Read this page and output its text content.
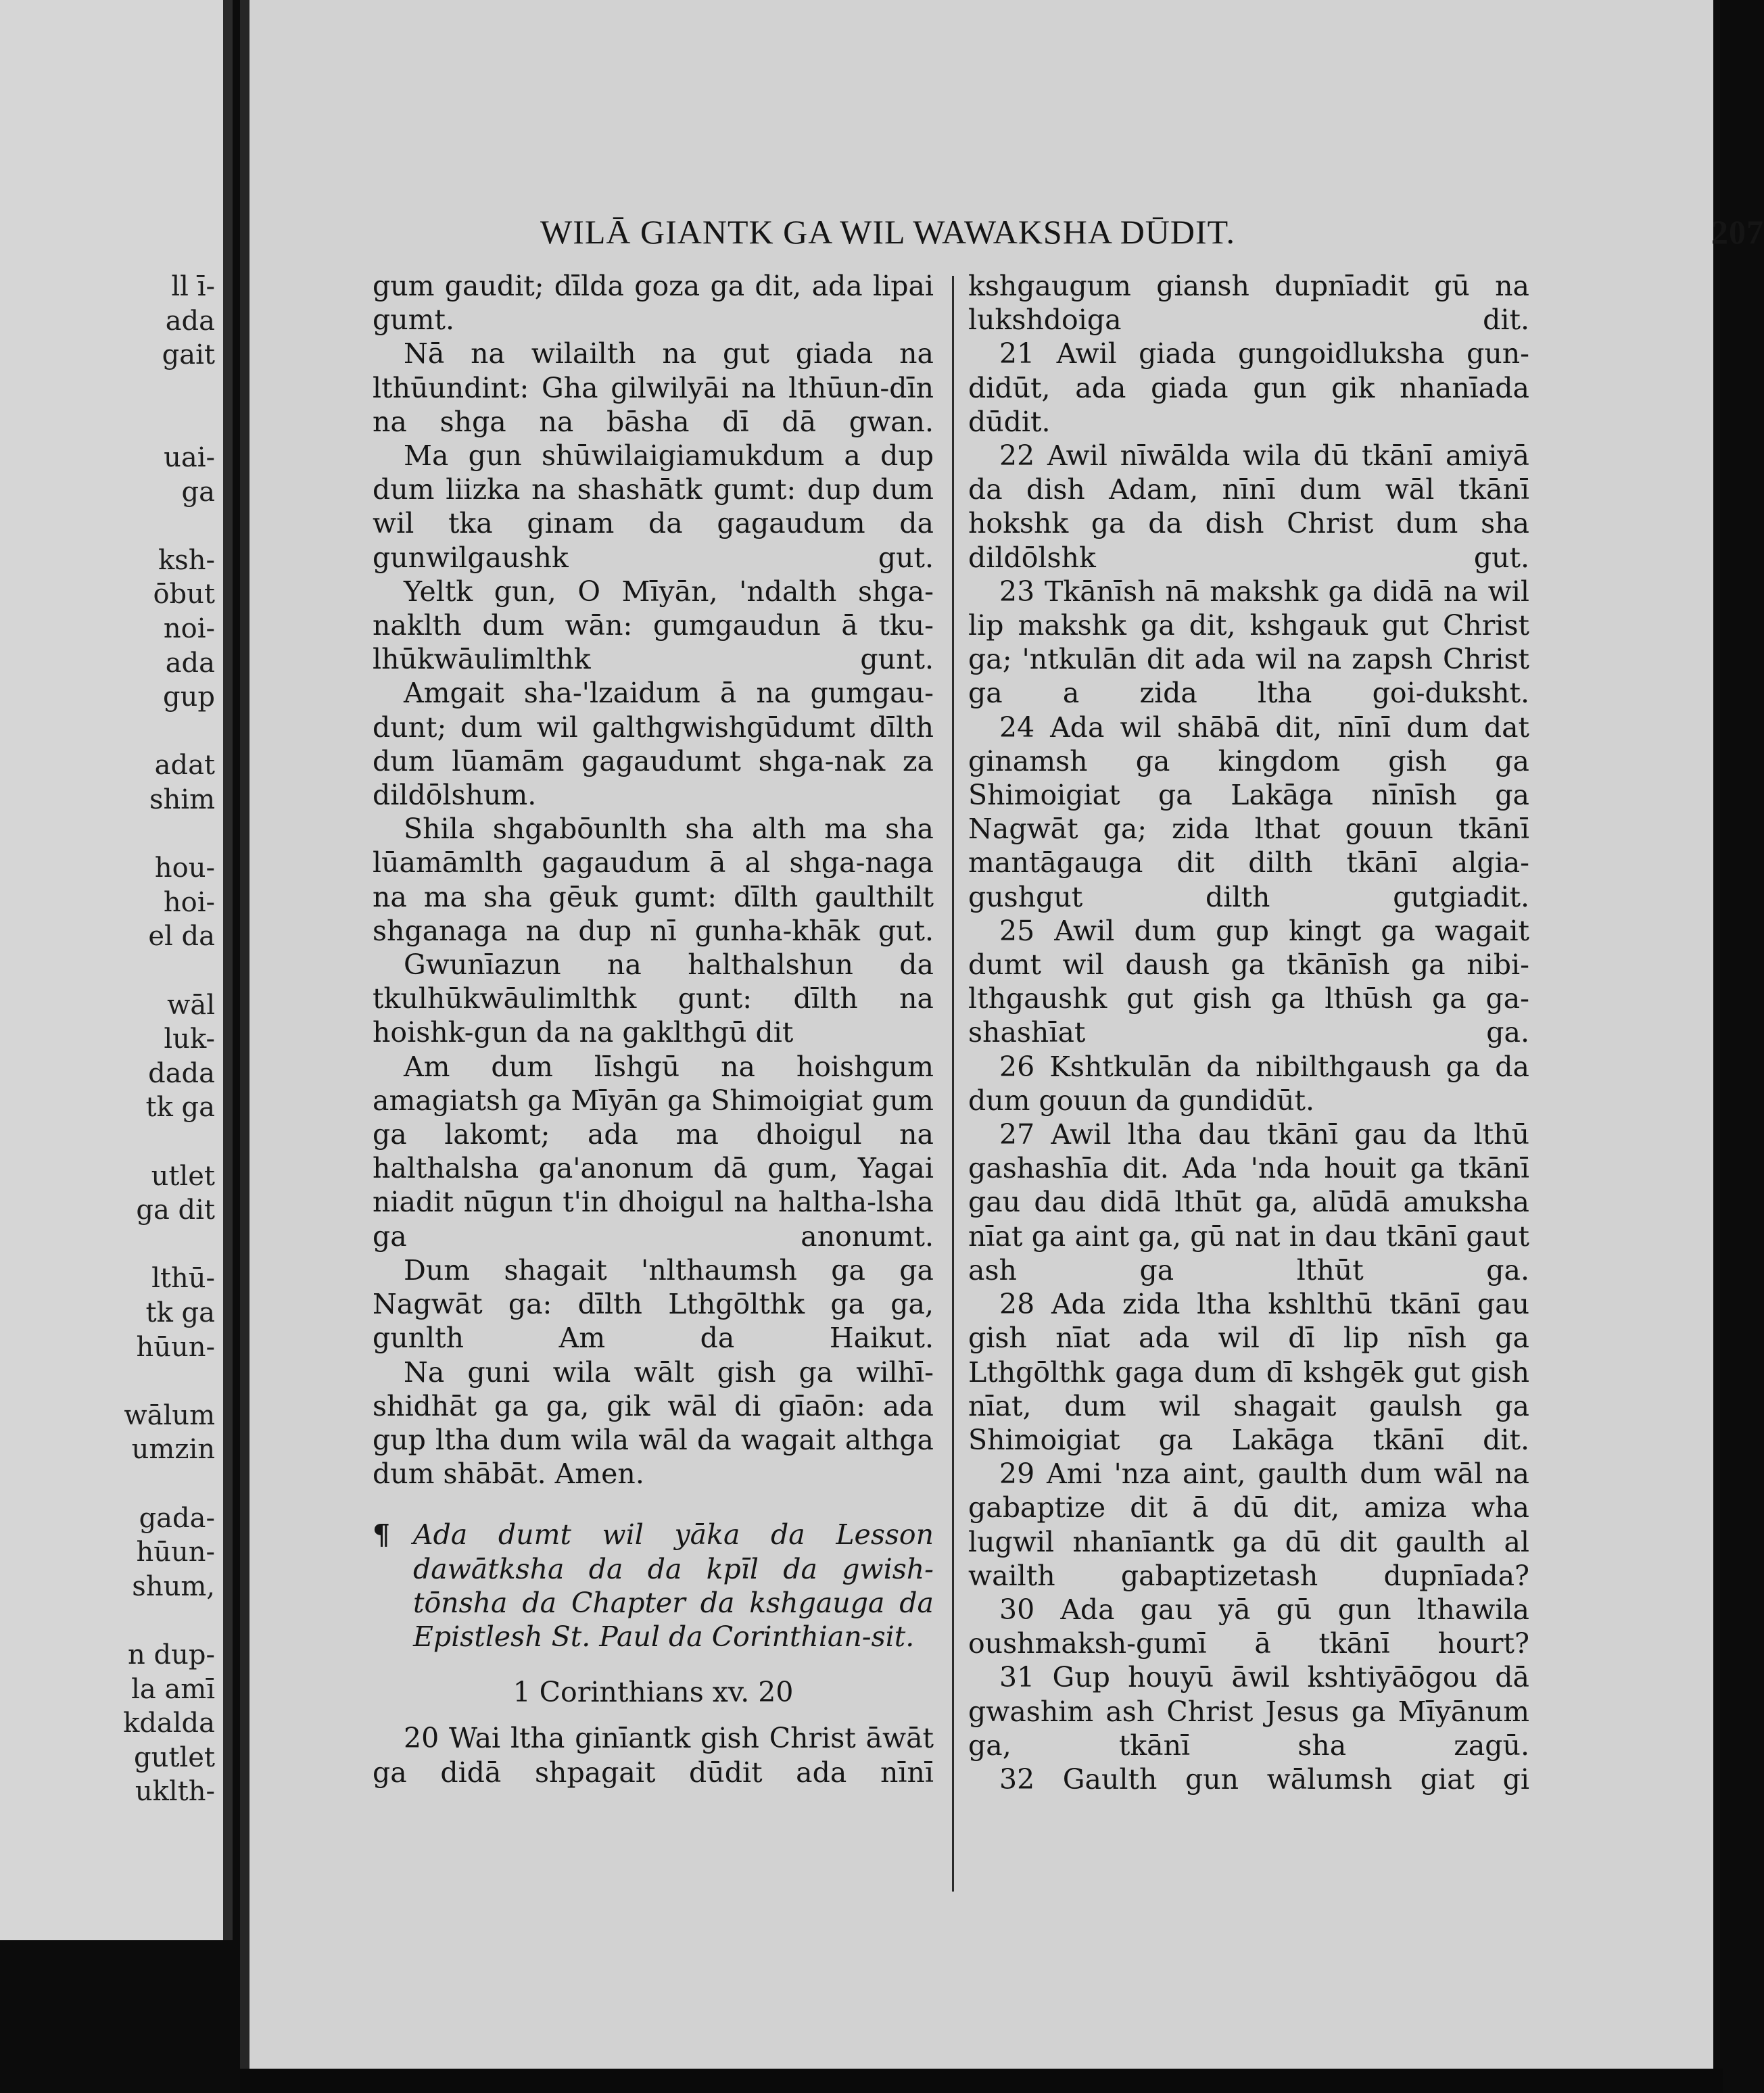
ll ī-

ada

gait

uai-

ga

ksh-

ōbut

noi-

ada

gup

adat

shim

hou-

hoi-

el da

wāl

luk-

dada

tk ga

utlet

ga dit

lthū-

tk ga

hūun-

wālum

umzin

gada-

hūun-

shum,

n dup-

la amī

kdalda

gutlet

uklth-

WILĀ GIANTK GA WIL WAWAKSHA DŪDIT.	207

gum gaudit; dīlda goza ga dit, ada lipai gumt.

Nā na wilailth na gut giada na lthūundint: Gha gilwilyāi na lthūun-dīn na shga na bāsha dī dā gwan.

Ma gun shūwilaigiamukdum a dup dum liizka na shashātk gumt: dup dum wil tka ginam da gagaudum da gunwilgaushk gut.

Yeltk gun, O Mīyān, 'ndalth shga-naklth dum wān: gumgaudun ā tku-lhūkwāulimlthk gunt.

Amgait sha-'lzaidum ā na gumgau-dunt; dum wil galthgwishgūdumt dīlth dum lūamām gagaudumt shga-nak za dildōlshum.

Shila shgabōunlth sha alth ma sha lūamāmlth gagaudum ā al shga-naga na ma sha gēuk gumt: dīlth gaulthilt shganaga na dup nī gunha-khāk gut.

Gwunīazun na halthalshun da tkulhūkwāulimlthk gunt: dīlth na hoishk-gun da na gaklthgū dit

Am dum līshgū na hoishgum amagiatsh ga Mīyān ga Shimoigiat gum ga lakomt; ada ma dhoigul na halthalsha ga'anonum dā gum, Yagai niadit nūgun t'in dhoigul na haltha-lsha ga anonumt.

Dum shagait 'nlthaumsh ga ga Nagwāt ga: dīlth Lthgōlthk ga ga, gunlth Am da Haikut.

Na guni wila wālt gish ga wilhī-shidhāt ga ga, gik wāl di gīaōn: ada gup ltha dum wila wāl da wagait althga dum shābāt. Amen.

¶ Ada dumt wil yāka da Lesson dawātksha da da kpīl da gwish-tōnsha da Chapter da kshgauga da Epistlesh St. Paul da Corinthian-sit.

1 Corinthians xv. 20

20 Wai ltha ginīantk gish Christ āwāt ga didā shpagait dūdit ada nīnī

kshgaugum giansh dupnīadit gū na lukshdoiga dit.

21 Awil giada gungoidluksha gun-didūt, ada giada gun gik nhanīada dūdit.

22 Awil nīwālda wila dū tkānī amiyā da dish Adam, nīnī dum wāl tkānī hokshk ga da dish Christ dum sha dildōlshk gut.

23 Tkānīsh nā makshk ga didā na wil lip makshk ga dit, kshgauk gut Christ ga; 'ntkulān dit ada wil na zapsh Christ ga a zida ltha goi-duksht.

24 Ada wil shābā dit, nīnī dum dat ginamsh ga kingdom gish ga Shimoigiat ga Lakāga nīnīsh ga Nagwāt ga; zida lthat gouun tkānī mantāgauga dit dilth tkānī algia-gushgut dilth gutgiadit.

25 Awil dum gup kingt ga wagait dumt wil daush ga tkānīsh ga nibi-lthgaushk gut gish ga lthūsh ga ga-shashīat ga.

26 Kshtkulān da nibilthgaush ga da dum gouun da gundidūt.

27 Awil ltha dau tkānī gau da lthū gashashīa dit. Ada 'nda houit ga tkānī gau dau didā lthūt ga, alūdā amuksha nīat ga aint ga, gū nat in dau tkānī gaut ash ga lthūt ga.

28 Ada zida ltha kshlthū tkānī gau gish nīat ada wil dī lip nīsh ga Lthgōlthk gaga dum dī kshgēk gut gish nīat, dum wil shagait gaulsh ga Shimoigiat ga Lakāga tkānī dit.

29 Ami 'nza aint, gaulth dum wāl na gabaptize dit ā dū dit, amiza wha lugwil nhanīantk ga dū dit gaulth al wailth gabaptizetash dupnīada?

30 Ada gau yā gū gun lthawila oushmaksh-gumī ā tkānī hourt?

31 Gup houyū āwil kshtiyāōgou dā gwashim ash Christ Jesus ga Mīyānum ga, tkānī sha zagū.

32 Gaulth gun wālumsh giat gi
